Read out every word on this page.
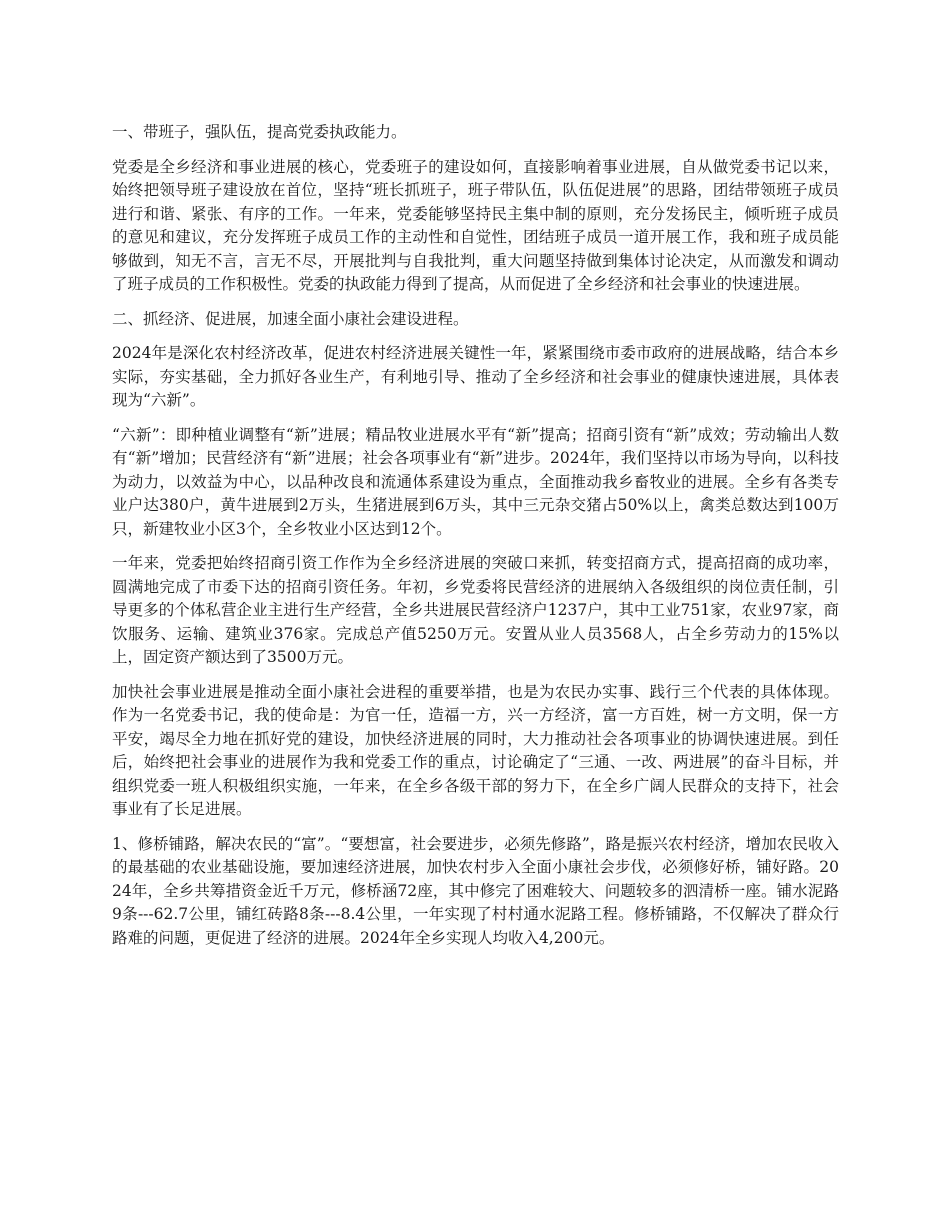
一、带班子，强队伍，提高党委执政能力。

党委是全乡经济和事业进展的核心，党委班子的建设如何，直接影响着事业进展，自从做党委书记以来，始终把领导班子建设放在首位，坚持“班长抓班子，班子带队伍，队伍促进展”的思路，团结带领班子成员进行和谐、紧张、有序的工作。一年来，党委能够坚持民主集中制的原则，充分发扬民主，倾听班子成员的意见和建议，充分发挥班子成员工作的主动性和自觉性，团结班子成员一道开展工作，我和班子成员能够做到，知无不言，言无不尽，开展批判与自我批判，重大问题坚持做到集体讨论决定，从而激发和调动了班子成员的工作积极性。党委的执政能力得到了提高，从而促进了全乡经济和社会事业的快速进展。

二、抓经济、促进展，加速全面小康社会建设进程。

2024年是深化农村经济改革，促进农村经济进展关键性一年，紧紧围绕市委市政府的进展战略，结合本乡实际，夯实基础，全力抓好各业生产，有利地引导、推动了全乡经济和社会事业的健康快速进展，具体表现为“六新”。

“六新”：即种植业调整有“新”进展；精品牧业进展水平有“新”提高；招商引资有“新”成效；劳动输出人数有“新”增加；民营经济有“新”进展；社会各项事业有“新”进步。2024年，我们坚持以市场为导向，以科技为动力，以效益为中心，以品种改良和流通体系建设为重点，全面推动我乡畜牧业的进展。全乡有各类专业户达380户，黄牛进展到2万头，生猪进展到6万头，其中三元杂交猪占50%以上，禽类总数达到100万只，新建牧业小区3个，全乡牧业小区达到12个。

一年来，党委把始终招商引资工作作为全乡经济进展的突破口来抓，转变招商方式，提高招商的成功率，圆满地完成了市委下达的招商引资任务。年初，乡党委将民营经济的进展纳入各级组织的岗位责任制，引导更多的个体私营企业主进行生产经营，全乡共进展民营经济户1237户，其中工业751家，农业97家，商饮服务、运输、建筑业376家。完成总产值5250万元。安置从业人员3568人，占全乡劳动力的15%以上，固定资产额达到了3500万元。

加快社会事业进展是推动全面小康社会进程的重要举措，也是为农民办实事、践行三个代表的具体体现。作为一名党委书记，我的使命是：为官一任，造福一方，兴一方经济，富一方百姓，树一方文明，保一方平安，竭尽全力地在抓好党的建设，加快经济进展的同时，大力推动社会各项事业的协调快速进展。到任后，始终把社会事业的进展作为我和党委工作的重点，讨论确定了“三通、一改、两进展”的奋斗目标，并组织党委一班人积极组织实施，一年来，在全乡各级干部的努力下，在全乡广阔人民群众的支持下，社会事业有了长足进展。

1、修桥铺路，解决农民的“富”。“要想富，社会要进步，必须先修路”，路是振兴农村经济，增加农民收入的最基础的农业基础设施，要加速经济进展，加快农村步入全面小康社会步伐，必须修好桥，铺好路。2024年，全乡共筹措资金近千万元，修桥涵72座，其中修完了困难较大、问题较多的泗清桥一座。铺水泥路9条---62.7公里，铺红砖路8条---8.4公里，一年实现了村村通水泥路工程。修桥铺路，不仅解决了群众行路难的问题，更促进了经济的进展。2024年全乡实现人均收入4,200元。
